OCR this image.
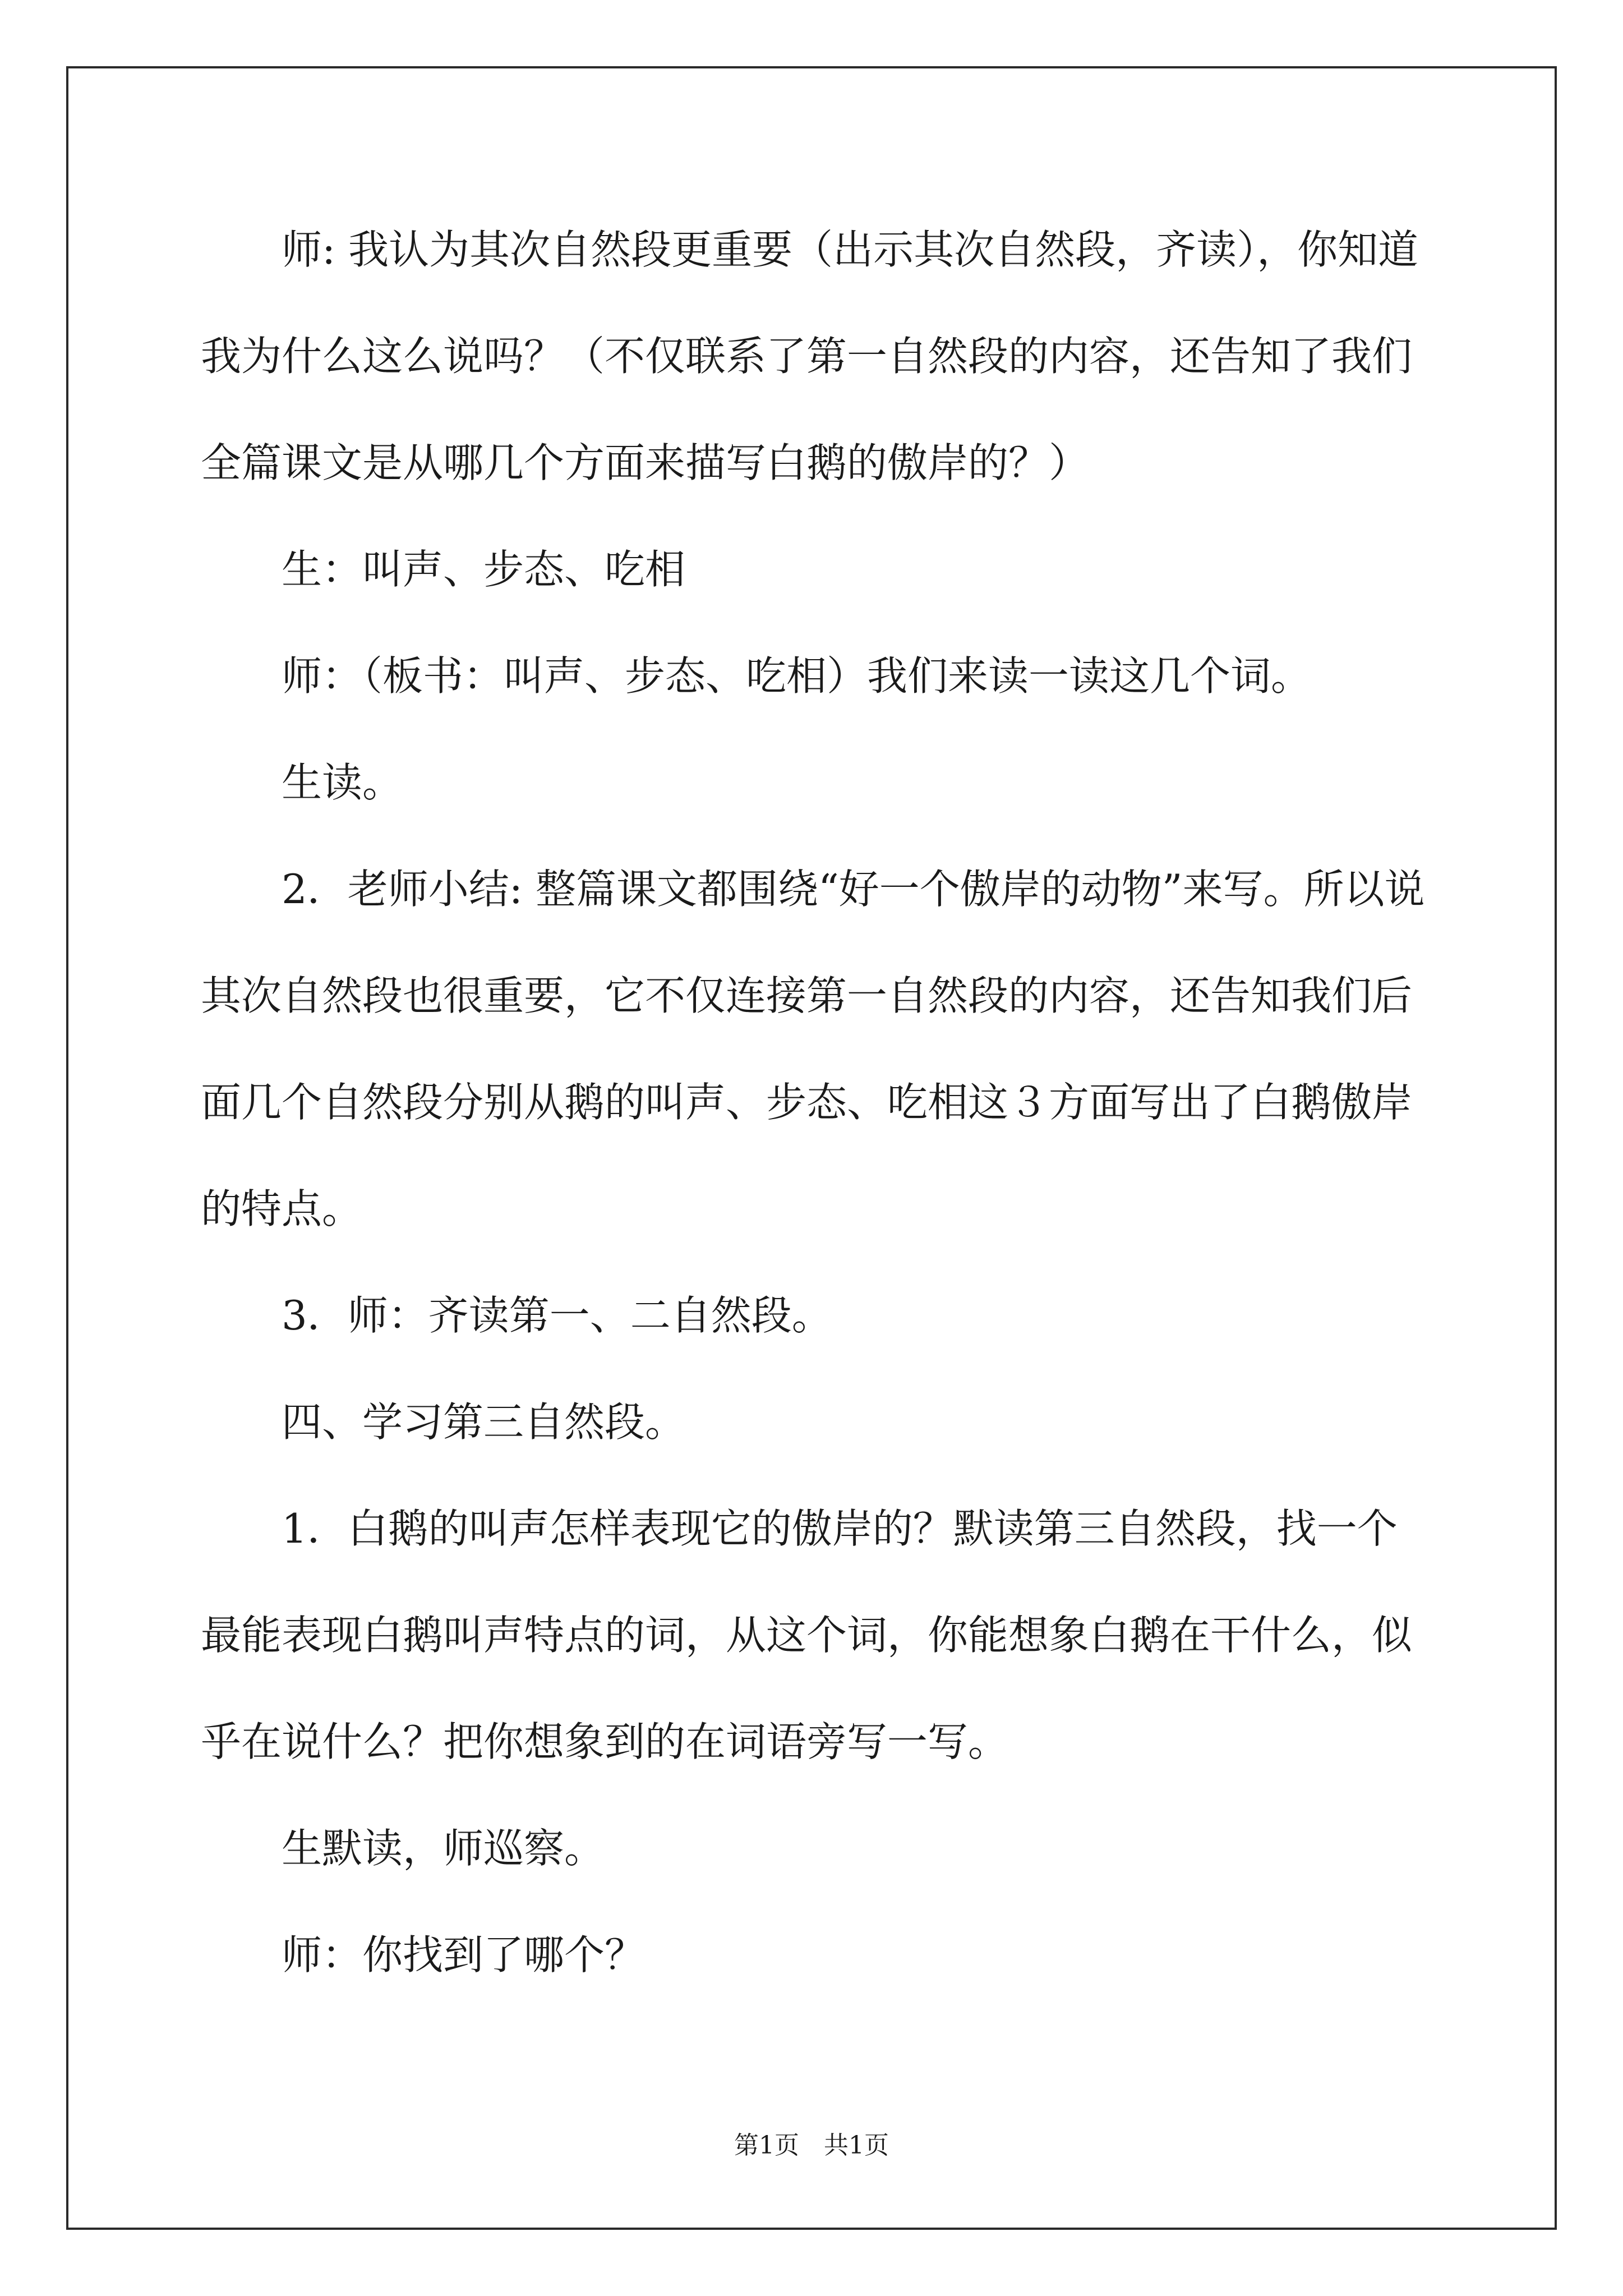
师: 我认为其次自然段更重要（出示其次自然段，齐读），你知道我为什么这么说吗？（不仅联系了第一自然段的内容，还告知了我们全篇课文是从哪几个方面来描写白鹅的傲岸的？）

生：叫声、步态、吃相

师：（板书：叫声、步态、吃相）我们来读一读这几个词。

生读。

2．老师小结: 整篇课文都围绕“好一个傲岸的动物”来写。所以说其次自然段也很重要，它不仅连接第一自然段的内容，还告知我们后面几个自然段分别从鹅的叫声、步态、吃相这３方面写出了白鹅傲岸的特点。

3．师：齐读第一、二自然段。

四、学习第三自然段。

1．白鹅的叫声怎样表现它的傲岸的？默读第三自然段，找一个最能表现白鹅叫声特点的词，从这个词，你能想象白鹅在干什么，似乎在说什么？把你想象到的在词语旁写一写。

生默读，师巡察。

师：你找到了哪个？

第1页　共1页
